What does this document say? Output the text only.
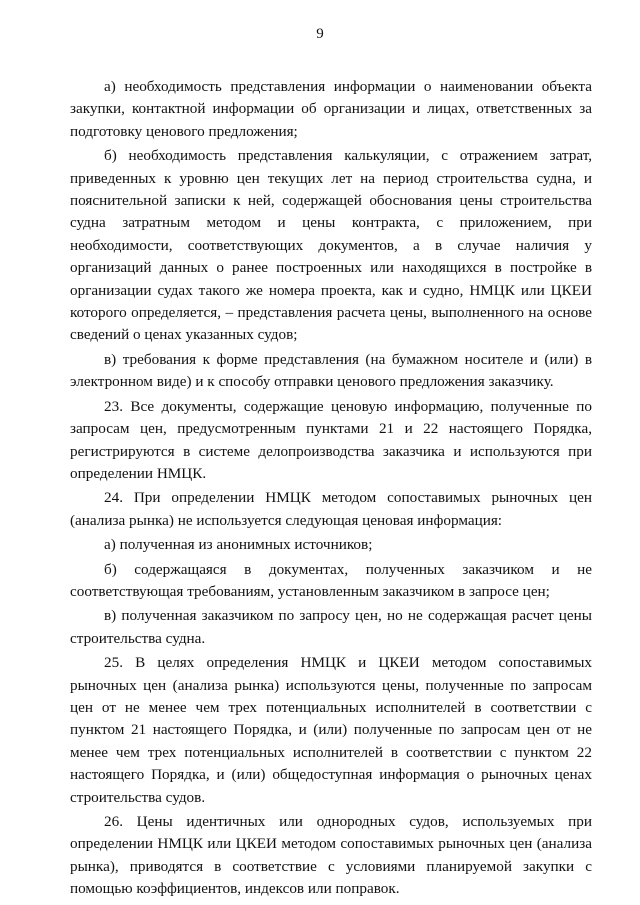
9

а) необходимость представления информации о наименовании объекта закупки, контактной информации об организации и лицах, ответственных за подготовку ценового предложения;

б) необходимость представления калькуляции, с отражением затрат, приведенных к уровню цен текущих лет на период строительства судна, и пояснительной записки к ней, содержащей обоснования цены строительства судна затратным методом и цены контракта, с приложением, при необходимости, соответствующих документов, а в случае наличия у организаций данных о ранее построенных или находящихся в постройке в организации судах такого же номера проекта, как и судно, НМЦК или ЦКЕИ которого определяется, – представления расчета цены, выполненного на основе сведений о ценах указанных судов;

в) требования к форме представления (на бумажном носителе и (или) в электронном виде) и к способу отправки ценового предложения заказчику.

23. Все документы, содержащие ценовую информацию, полученные по запросам цен, предусмотренным пунктами 21 и 22 настоящего Порядка, регистрируются в системе делопроизводства заказчика и используются при определении НМЦК.

24. При определении НМЦК методом сопоставимых рыночных цен (анализа рынка) не используется следующая ценовая информация:

а) полученная из анонимных источников;

б) содержащаяся в документах, полученных заказчиком и не соответствующая требованиям, установленным заказчиком в запросе цен;

в) полученная заказчиком по запросу цен, но не содержащая расчет цены строительства судна.

25. В целях определения НМЦК и ЦКЕИ методом сопоставимых рыночных цен (анализа рынка) используются цены, полученные по запросам цен от не менее чем трех потенциальных исполнителей в соответствии с пунктом 21 настоящего Порядка, и (или) полученные по запросам цен от не менее чем трех потенциальных исполнителей в соответствии с пунктом 22 настоящего Порядка, и (или) общедоступная информация о рыночных ценах строительства судов.

26. Цены идентичных или однородных судов, используемых при определении НМЦК или ЦКЕИ методом сопоставимых рыночных цен (анализа рынка), приводятся в соответствие с условиями планируемой закупки с помощью коэффициентов, индексов или поправок.
